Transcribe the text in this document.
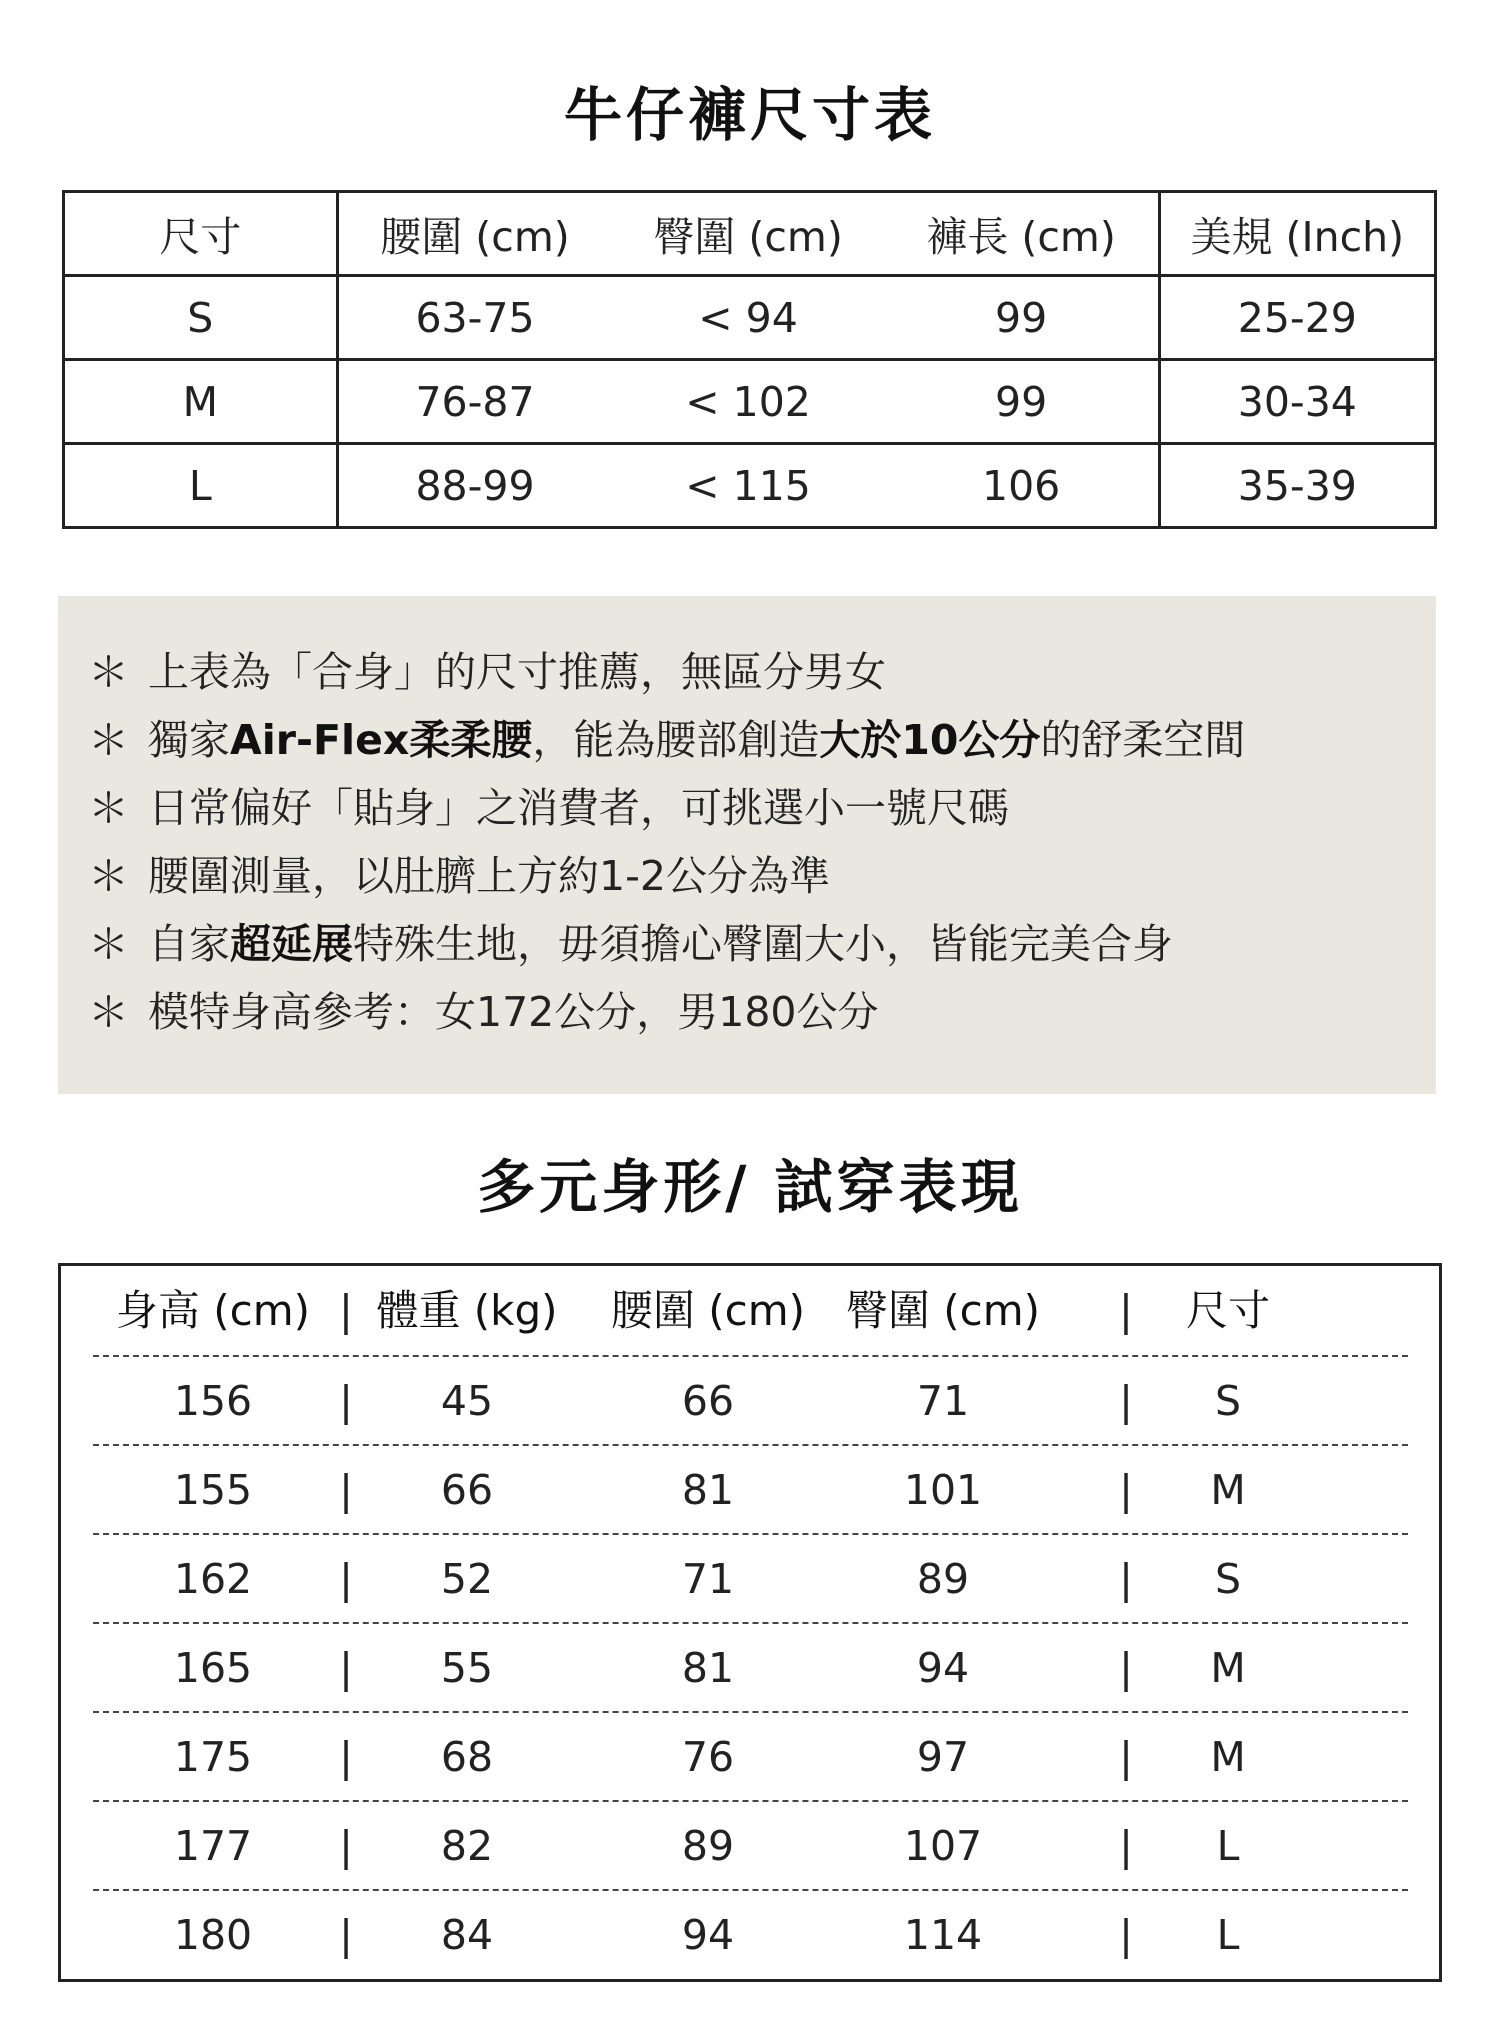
牛仔褲尺寸表
尺寸	腰圍 (cm)	臀圍 (cm)	褲長 (cm)	美規 (Inch)
S	63-75	< 94	99	25-29
M	76-87	< 102	99	30-34
L	88-99	< 115	106	35-39
＊ 上表為「合身」的尺寸推薦，無區分男女
＊ 獨家Air-Flex柔柔腰，能為腰部創造大於10公分的舒柔空間
＊ 日常偏好「貼身」之消費者，可挑選小一號尺碼
＊ 腰圍測量，以肚臍上方約1-2公分為準
＊ 自家超延展特殊生地，毋須擔心臀圍大小，皆能完美合身
＊ 模特身高參考：女172公分，男180公分
多元身形/ 試穿表現
身高 (cm) | 體重 (kg)	腰圍 (cm) 臀圍 (cm)	|	尺寸
156	|	45	66	71	|	S
155	|	66	81	101	|	M
162	|	52	71	89	|	S
165	|	55	81	94	|	M
175	|	68	76	97	|	M
177	|	82	89	107	|	L
180	|	84	94	114	|	L
